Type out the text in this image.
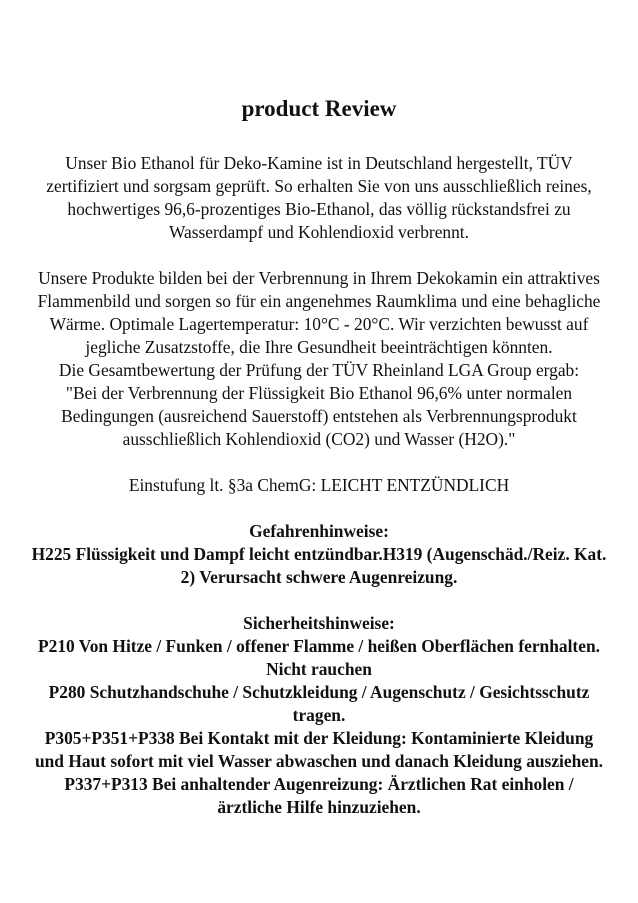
product Review

Unser Bio Ethanol für Deko-Kamine ist in Deutschland hergestellt, TÜV zertifiziert und sorgsam geprüft. So erhalten Sie von uns ausschließlich reines, hochwertiges 96,6-prozentiges Bio-Ethanol, das völlig rückstandsfrei zu Wasserdampf und Kohlendioxid verbrennt.

Unsere Produkte bilden bei der Verbrennung in Ihrem Dekokamin ein attraktives Flammenbild und sorgen so für ein angenehmes Raumklima und eine behagliche Wärme. Optimale Lagertemperatur: 10°C - 20°C. Wir verzichten bewusst auf jegliche Zusatzstoffe, die Ihre Gesundheit beeinträchtigen könnten.

Die Gesamtbewertung der Prüfung der TÜV Rheinland LGA Group ergab:

"Bei der Verbrennung der Flüssigkeit Bio Ethanol 96,6% unter normalen Bedingungen (ausreichend Sauerstoff) entstehen als Verbrennungsprodukt ausschließlich Kohlendioxid (CO2) und Wasser (H2O)."

Einstufung lt. §3a ChemG: LEICHT ENTZÜNDLICH

Gefahrenhinweise:

H225 Flüssigkeit und Dampf leicht entzündbar.H319 (Augenschäd./Reiz. Kat. 2) Verursacht schwere Augenreizung.

Sicherheitshinweise:

P210 Von Hitze / Funken / offener Flamme / heißen Oberflächen fernhalten. Nicht rauchen

P280 Schutzhandschuhe / Schutzkleidung / Augenschutz / Gesichtsschutz tragen.

P305+P351+P338 Bei Kontakt mit der Kleidung: Kontaminierte Kleidung und Haut sofort mit viel Wasser abwaschen und danach Kleidung ausziehen.

P337+P313 Bei anhaltender Augenreizung: Ärztlichen Rat einholen / ärztliche Hilfe hinzuziehen.
